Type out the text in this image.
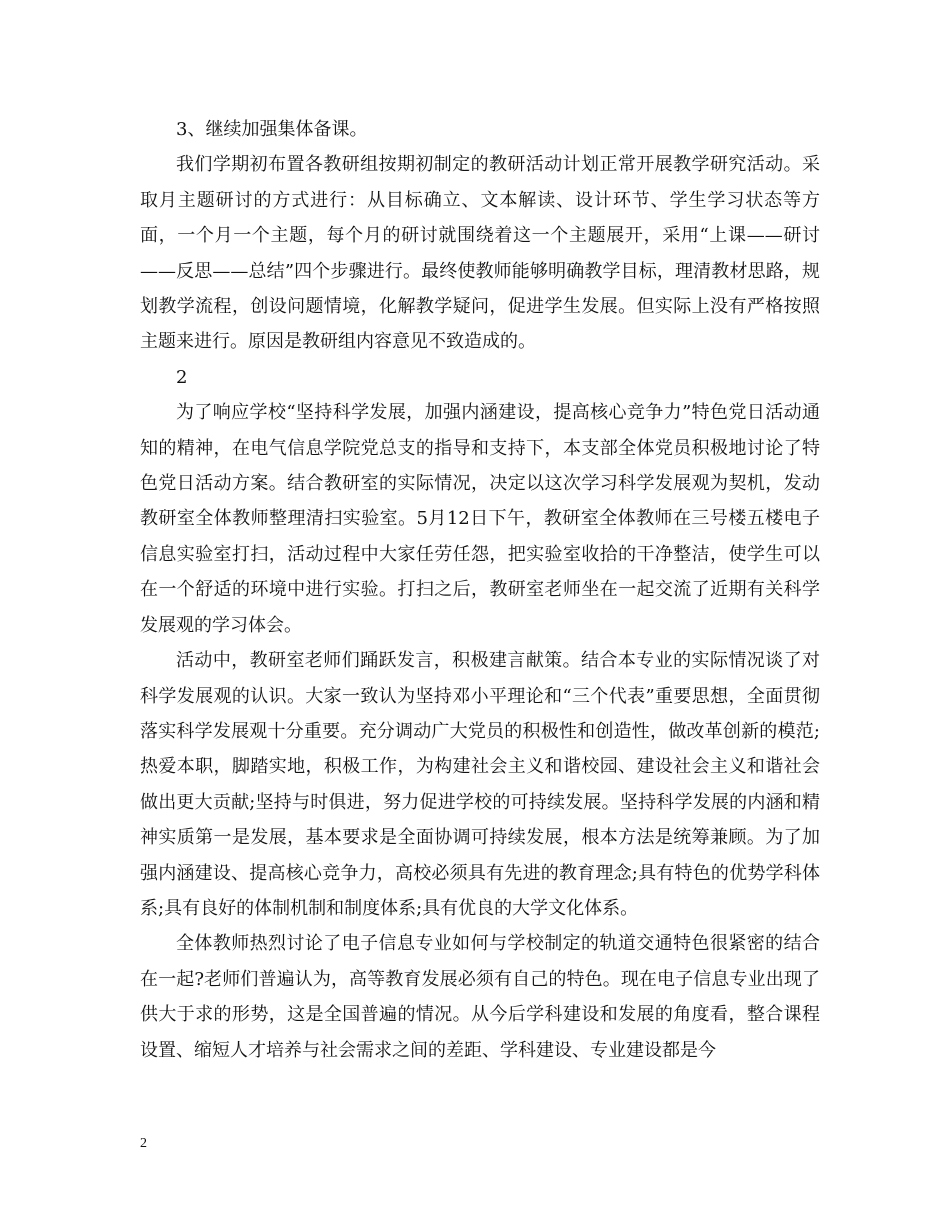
3、继续加强集体备课。

我们学期初布置各教研组按期初制定的教研活动计划正常开展教学研究活动。采取月主题研讨的方式进行：从目标确立、文本解读、设计环节、学生学习状态等方面，一个月一个主题，每个月的研讨就围绕着这一个主题展开，采用“上课——研讨——反思——总结”四个步骤进行。最终使教师能够明确教学目标，理清教材思路，规划教学流程，创设问题情境，化解教学疑问，促进学生发展。但实际上没有严格按照主题来进行。原因是教研组内容意见不致造成的。

2

为了响应学校“坚持科学发展，加强内涵建设，提高核心竞争力”特色党日活动通知的精神，在电气信息学院党总支的指导和支持下，本支部全体党员积极地讨论了特色党日活动方案。结合教研室的实际情况，决定以这次学习科学发展观为契机，发动教研室全体教师整理清扫实验室。5月12日下午，教研室全体教师在三号楼五楼电子信息实验室打扫，活动过程中大家任劳任怨，把实验室收拾的干净整洁，使学生可以在一个舒适的环境中进行实验。打扫之后，教研室老师坐在一起交流了近期有关科学发展观的学习体会。

活动中，教研室老师们踊跃发言，积极建言献策。结合本专业的实际情况谈了对科学发展观的认识。大家一致认为坚持邓小平理论和“三个代表”重要思想，全面贯彻落实科学发展观十分重要。充分调动广大党员的积极性和创造性，做改革创新的模范;热爱本职，脚踏实地，积极工作，为构建社会主义和谐校园、建设社会主义和谐社会做出更大贡献;坚持与时俱进，努力促进学校的可持续发展。坚持科学发展的内涵和精神实质第一是发展，基本要求是全面协调可持续发展，根本方法是统筹兼顾。为了加强内涵建设、提高核心竞争力，高校必须具有先进的教育理念;具有特色的优势学科体系;具有良好的体制机制和制度体系;具有优良的大学文化体系。

全体教师热烈讨论了电子信息专业如何与学校制定的轨道交通特色很紧密的结合在一起?老师们普遍认为，高等教育发展必须有自己的特色。现在电子信息专业出现了供大于求的形势，这是全国普遍的情况。从今后学科建设和发展的角度看，整合课程设置、缩短人才培养与社会需求之间的差距、学科建设、专业建设都是今

2
